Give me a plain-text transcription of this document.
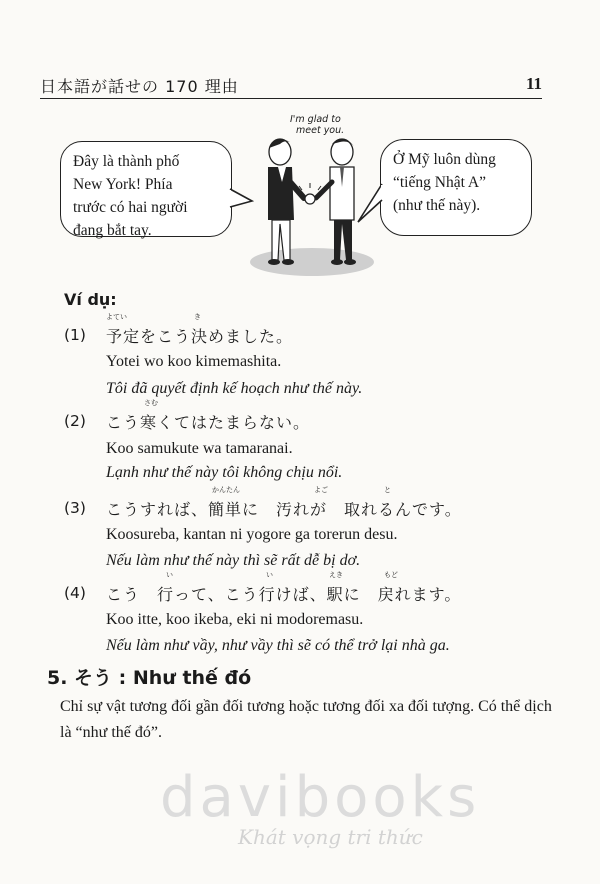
日本語が話せの 170 理由	11
Đây là thành phố
New York! Phía
trước có hai người
đang bắt tay.
Ở Mỹ luôn dùng
“tiếng Nhật A”
(như thế này).
I'm glad to
meet you.
Ví dụ:
よてい	き
(1) 予定をこう決めました。
Yotei wo koo kimemashita.
Tôi đã quyết định kế hoạch như thế này.
さむ
(2) こう寒くてはたまらない。
Koo samukute wa tamaranai.
Lạnh như thế này tôi không chịu nổi.
かんたん	よご	と
(3) こうすれば、簡単に　汚れが　取れるんです。
Koosureba, kantan ni yogore ga torerun desu.
Nếu làm như thế này thì sẽ rất dễ bị dơ.
い	い	えき	もど
(4) こう　行って、こう行けば、駅に　戻れます。
Koo itte, koo ikeba, eki ni modoremasu.
Nếu làm như vầy, như vầy thì sẽ có thể trở lại nhà ga.
5. そう : Như thế đó
Chỉ sự vật tương đối gần đối tương hoặc tương đối xa đối tượng. Có thể dịch là “như thế đó”.
davibooks
Khát vọng tri thức
